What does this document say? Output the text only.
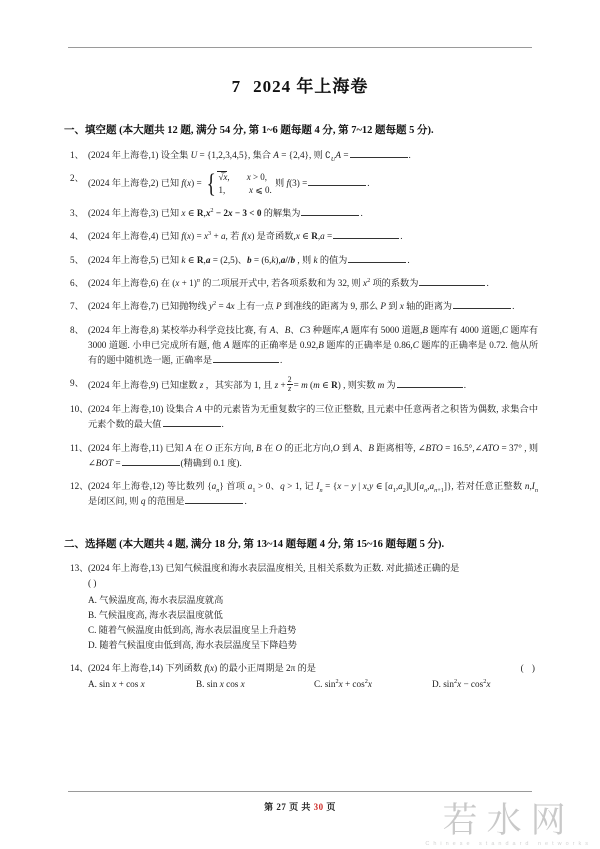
7 2024 年上海卷
一、填空题 (本大题共 12 题, 满分 54 分, 第 1~6 题每题 4 分, 第 7~12 题每题 5 分).
1、 (2024 年上海卷,1) 设全集 U = {1,2,3,4,5}, 集合 A = {2,4}, 则 $∁_UA$ =	.
2、
(2024 年上海卷,2) 已知 f(x) = { √x, x > 0,
1,	x ⩽ 0.
则 f(3) =	.
3、 (2024 年上海卷,3) 已知 x ∈ $R,x^2 - 2x - 3 < 0$ 的解集为	.
4、 (2024 年上海卷,4) 已知 $f(x) = x^3 + a$, 若 f(x) 是奇函数,x ∈ R,a =	.
5、 (2024 年上海卷,5) 已知 k ∈ R,a = (2,5)、b = (6,k),a//b , 则 k 的值为	.
6、 (2024 年上海卷,6) 在 $(x + 1)^n$ 的二项展开式中, 若各项系数和为 32, 则 $x^2$ 项的系数为	.
7、 (2024 年上海卷,7) 已知抛物线 $y^2 = 4x$ 上有一点 P 到准线的距离为 9, 那么 P 到 x 轴的距离为	.
8、 (2024 年上海卷,8) 某校举办科学竞技比赛, 有 A、B、C3 种题库,A 题库有 5000 道题,B 题库有 4000 道题,C 题库有 3000 道题. 小申已完成所有题, 他 A 题库的正确率是 0.92,B 题库的正确率是 0.86,C 题库的正确率是 0.72. 他从所有的题中随机选一题, 正确率是	.
9、 (2024 年上海卷,9) 已知虚数 z ，其实部为 1, 且 $z + \frac{2}{z} = m$ (m ∈ R) , 则实数 m 为	.
10、 (2024 年上海卷,10) 设集合 A 中的元素皆为无重复数字的三位正整数, 且元素中任意两者之积皆为偶数, 求集合中元素个数的最大值	.
11、 (2024 年上海卷,11) 已知 A 在 O 正东方向, B 在 O 的正北方向,O 到 A、B 距离相等, ∠BTO = 16.5°,∠ATO = 37° , 则 ∠BOT =	(精确到 0.1 度).
12、 (2024 年上海卷,12) 等比数列 $\{a_n\}$ 首项 $a_1 > 0$、q > 1, 记 $I_n = \{x - y$ | x,y ∈ $[a_1,a_2]⋃[a_n,a_{n+1}]$}, 若对任意正整数 $n,I_n$ 是闭区间, 则 q 的范围是	.
二、选择题 (本大题共 4 题, 满分 18 分, 第 13~14 题每题 4 分, 第 15~16 题每题 5 分).
13、 (2024 年上海卷,13) 已知气候温度和海水表层温度相关, 且相关系数为正数. 对此描述正确的是
( )
A. 气候温度高, 海水表层温度就高
B. 气候温度高, 海水表层温度就低
C. 随着气候温度由低到高, 海水表层温度呈上升趋势
D. 随着气候温度由低到高, 海水表层温度呈下降趋势
14、	( )
(2024 年上海卷,14) 下列函数 f(x) 的最小正周期是 2π 的是
A. sin x + cos x	B. sin x cos x	C. $\sin^2x + \cos^2x$	D. $\sin^2x - \cos^2x$
第 27 页 共 30 页	若水网
Chinese standard networks
